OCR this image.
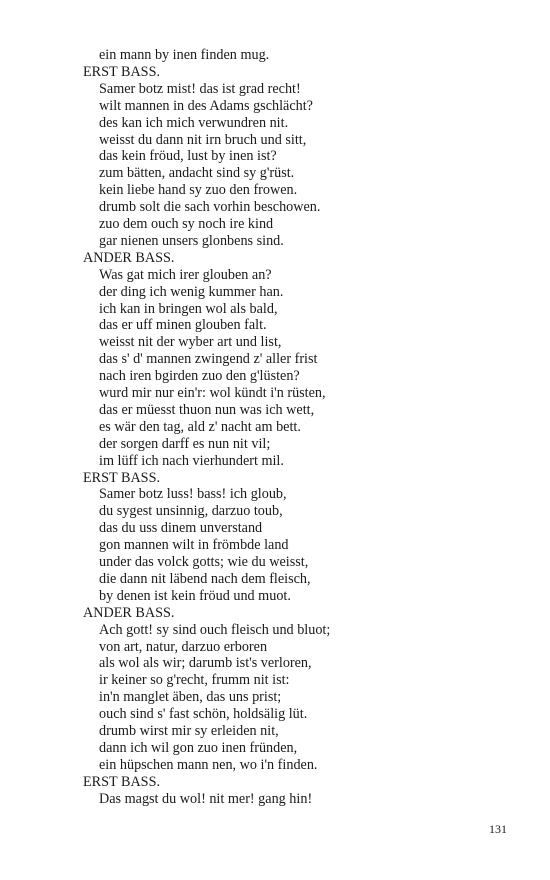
ein mann by inen finden mug.
ERST BASS.
Samer botz mist! das ist grad recht!
wilt mannen in des Adams gschlächt?
des kan ich mich verwundren nit.
weisst du dann nit irn bruch und sitt,
das kein fröud, lust by inen ist?
zum bätten, andacht sind sy g'rüst.
kein liebe hand sy zuo den frowen.
drumb solt die sach vorhin beschowen.
zuo dem ouch sy noch ire kind
gar nienen unsers glonbens sind.
ANDER BASS.
Was gat mich irer glouben an?
der ding ich wenig kummer han.
ich kan in bringen wol als bald,
das er uff minen glouben falt.
weisst nit der wyber art und list,
das s' d' mannen zwingend z' aller frist
nach iren bgirden zuo den g'lüsten?
wurd mir nur ein'r: wol kündt i'n rüsten,
das er müesst thuon nun was ich wett,
es wär den tag, ald z' nacht am bett.
der sorgen darff es nun nit vil;
im lüff ich nach vierhundert mil.
ERST BASS.
Samer botz luss! bass! ich gloub,
du sygest unsinnig, darzuo toub,
das du uss dinem unverstand
gon mannen wilt in frömbde land
under das volck gotts; wie du weisst,
die dann nit läbend nach dem fleisch,
by denen ist kein fröud und muot.
ANDER BASS.
Ach gott! sy sind ouch fleisch und bluot;
von art, natur, darzuo erboren
als wol als wir; darumb ist's verloren,
ir keiner so g'recht, frumm nit ist:
in'n manglet äben, das uns prist;
ouch sind s' fast schön, holdsälig lüt.
drumb wirst mir sy erleiden nit,
dann ich wil gon zuo inen fründen,
ein hüpschen mann nen, wo i'n finden.
ERST BASS.
Das magst du wol! nit mer! gang hin!
131
